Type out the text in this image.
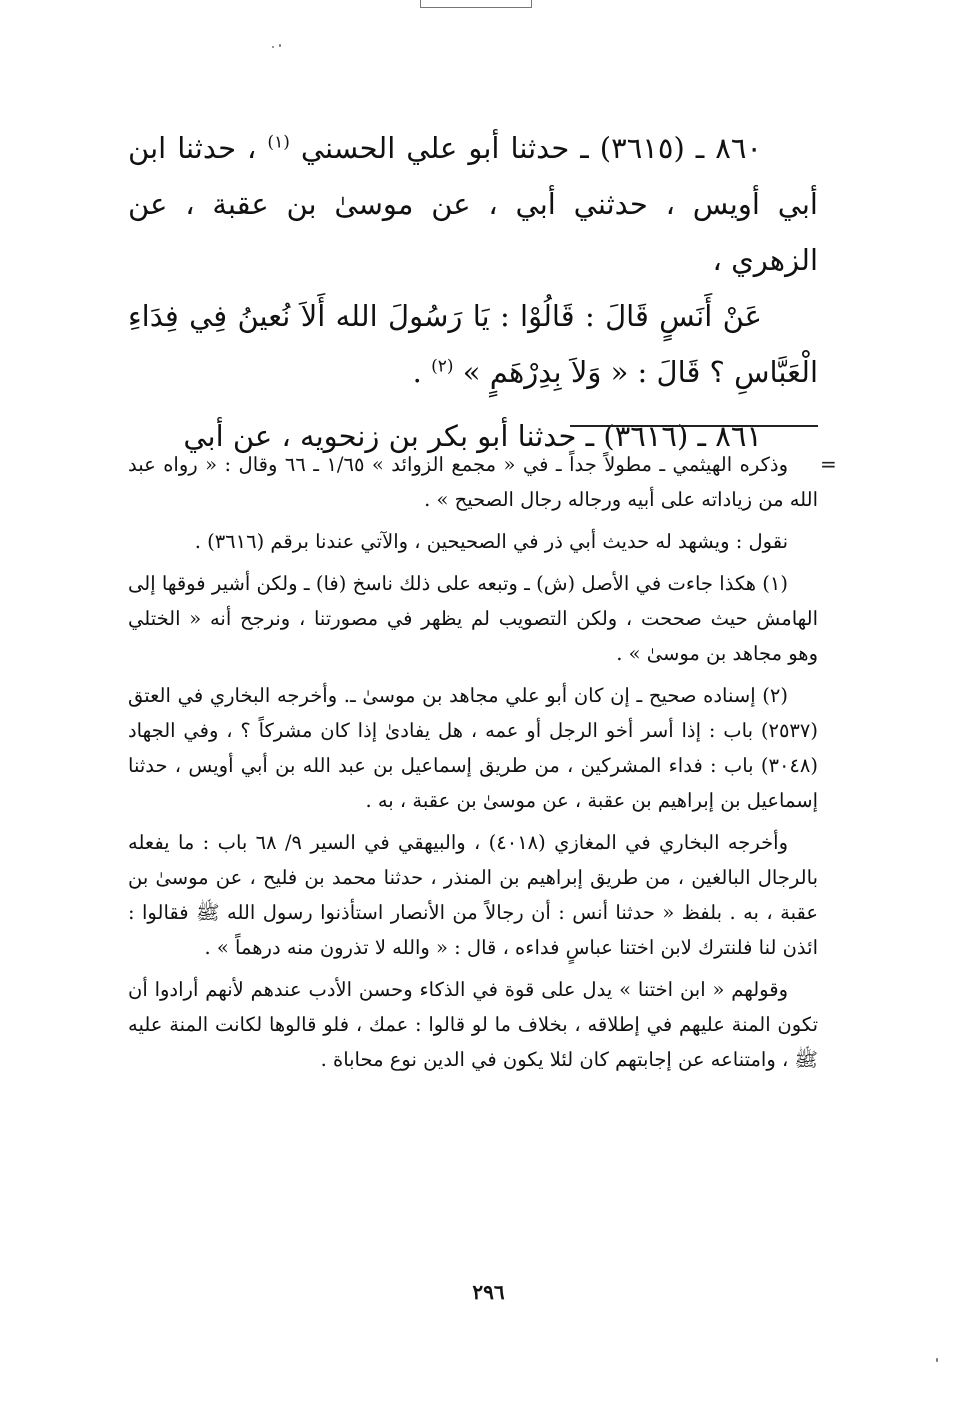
٨٦٠ ـ (٣٦١٥) ـ حدثنا أبو علي الحسني $^{(١)}$ ، حدثنا ابن أبي أويس ، حدثني أبي ، عن موسىٰ بن عقبة ، عن الزهري ،

عَنْ أَنَسٍ قَالَ : قَالُوْا : يَا رَسُولَ الله أَلاَ نُعينُ فِي فِدَاءِ الْعَبَّاسِ ؟ قَالَ : « وَلاَ بِدِرْهَمٍ » $^{(٢)}$ .

٨٦١ ـ (٣٦١٦) ـ حدثنا أبو بكر بن زنحويه ، عن أبي

=

وذكره الهيثمي ـ مطولاً جداً ـ في « مجمع الزوائد » ١/٦٥ ـ ٦٦ وقال : « رواه عبد الله من زياداته على أبيه ورجاله رجال الصحيح » .

نقول : ويشهد له حديث أبي ذر في الصحيحين ، والآتي عندنا برقم (٣٦١٦) .

(١) هكذا جاءت في الأصل (ش) ـ وتبعه على ذلك ناسخ (فا) ـ ولكن أشير فوقها إلى الهامش حيث صححت ، ولكن التصويب لم يظهر في مصورتنا ، ونرجح أنه « الختلي وهو مجاهد بن موسىٰ » .

(٢) إسناده صحيح ـ إن كان أبو علي مجاهد بن موسىٰ ـ. وأخرجه البخاري في العتق (٢٥٣٧) باب : إذا أسر أخو الرجل أو عمه ، هل يفادىٰ إذا كان مشركاً ؟ ، وفي الجهاد (٣٠٤٨) باب : فداء المشركين ، من طريق إسماعيل بن عبد الله بن أبي أويس ، حدثنا إسماعيل بن إبراهيم بن عقبة ، عن موسىٰ بن عقبة ، به .

وأخرجه البخاري في المغازي (٤٠١٨) ، والبيهقي في السير ٩/ ٦٨ باب : ما يفعله بالرجال البالغين ، من طريق إبراهيم بن المنذر ، حدثنا محمد بن فليح ، عن موسىٰ بن عقبة ، به . بلفظ « حدثنا أنس : أن رجالاً من الأنصار استأذنوا رسول الله ﷺ فقالوا : ائذن لنا فلنترك لابن اختنا عباسٍ فداءه ، قال : « والله لا تذرون منه درهماً » .

وقولهم « ابن اختنا » يدل على قوة في الذكاء وحسن الأدب عندهم لأنهم أرادوا أن تكون المنة عليهم في إطلاقه ، بخلاف ما لو قالوا : عمك ، فلو قالوها لكانت المنة عليه ﷺ ، وامتناعه عن إجابتهم كان لئلا يكون في الدين نوع محاباة .

٢٩٦
